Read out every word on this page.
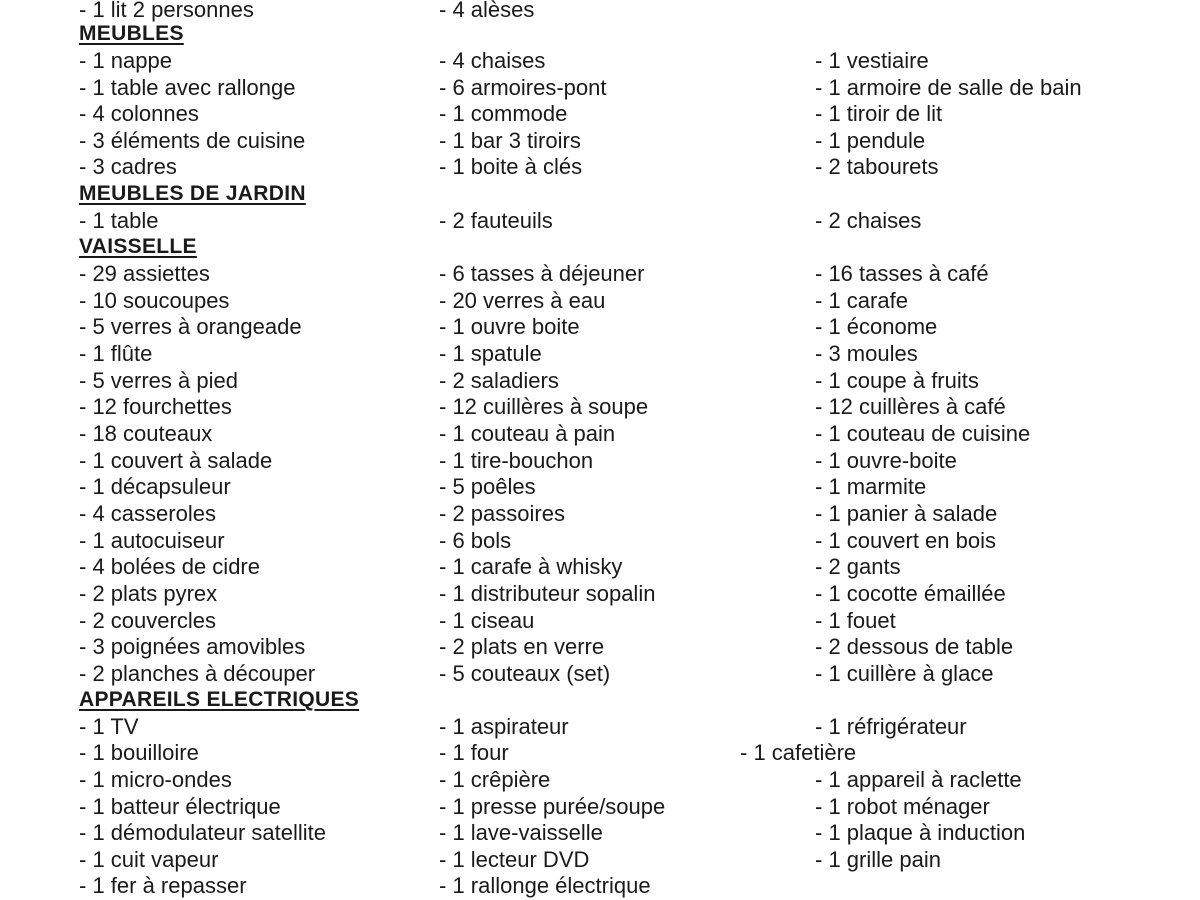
- 1 lit 2 personnes	- 4 alèses
MEUBLES
- 1 nappe	- 4 chaises	- 1 vestiaire
- 1 table avec rallonge	- 6 armoires-pont	- 1 armoire de salle de bain
- 4 colonnes	- 1 commode	- 1 tiroir de lit
- 3 éléments de cuisine	- 1 bar 3 tiroirs	- 1 pendule
- 3 cadres	- 1 boite à clés	- 2 tabourets
MEUBLES DE JARDIN
- 1 table	- 2 fauteuils	- 2 chaises
VAISSELLE
- 29 assiettes	- 6 tasses à déjeuner	- 16 tasses à café
- 10 soucoupes	- 20 verres à eau	- 1 carafe
- 5 verres à orangeade	- 1 ouvre boite	- 1 économe
- 1 flûte	- 1 spatule	- 3 moules
- 5 verres à pied	- 2 saladiers	- 1 coupe à fruits
- 12 fourchettes	- 12 cuillères à soupe	- 12 cuillères à café
- 18 couteaux	- 1 couteau à pain	- 1 couteau de cuisine
- 1 couvert à salade	- 1 tire-bouchon	- 1 ouvre-boite
- 1 décapsuleur	- 5 poêles	- 1 marmite
- 4 casseroles	- 2 passoires	- 1 panier à salade
- 1 autocuiseur	- 6 bols	- 1 couvert en bois
- 4 bolées de cidre	- 1 carafe à whisky	- 2 gants
- 2 plats pyrex	- 1 distributeur sopalin	- 1 cocotte émaillée
- 2 couvercles	- 1 ciseau	- 1 fouet
- 3 poignées amovibles	- 2 plats en verre	- 2 dessous de table
- 2 planches à découper	- 5 couteaux (set)	- 1 cuillère à glace
APPAREILS ELECTRIQUES
- 1 TV	- 1 aspirateur	- 1 réfrigérateur
- 1 bouilloire	- 1 four	- 1 cafetière
- 1 micro-ondes	- 1 crêpière	- 1 appareil à raclette
- 1 batteur électrique	- 1 presse purée/soupe	- 1 robot ménager
- 1 démodulateur satellite	- 1 lave-vaisselle	- 1 plaque à induction
- 1 cuit vapeur	- 1 lecteur DVD	- 1 grille pain
- 1 fer à repasser	- 1 rallonge électrique
